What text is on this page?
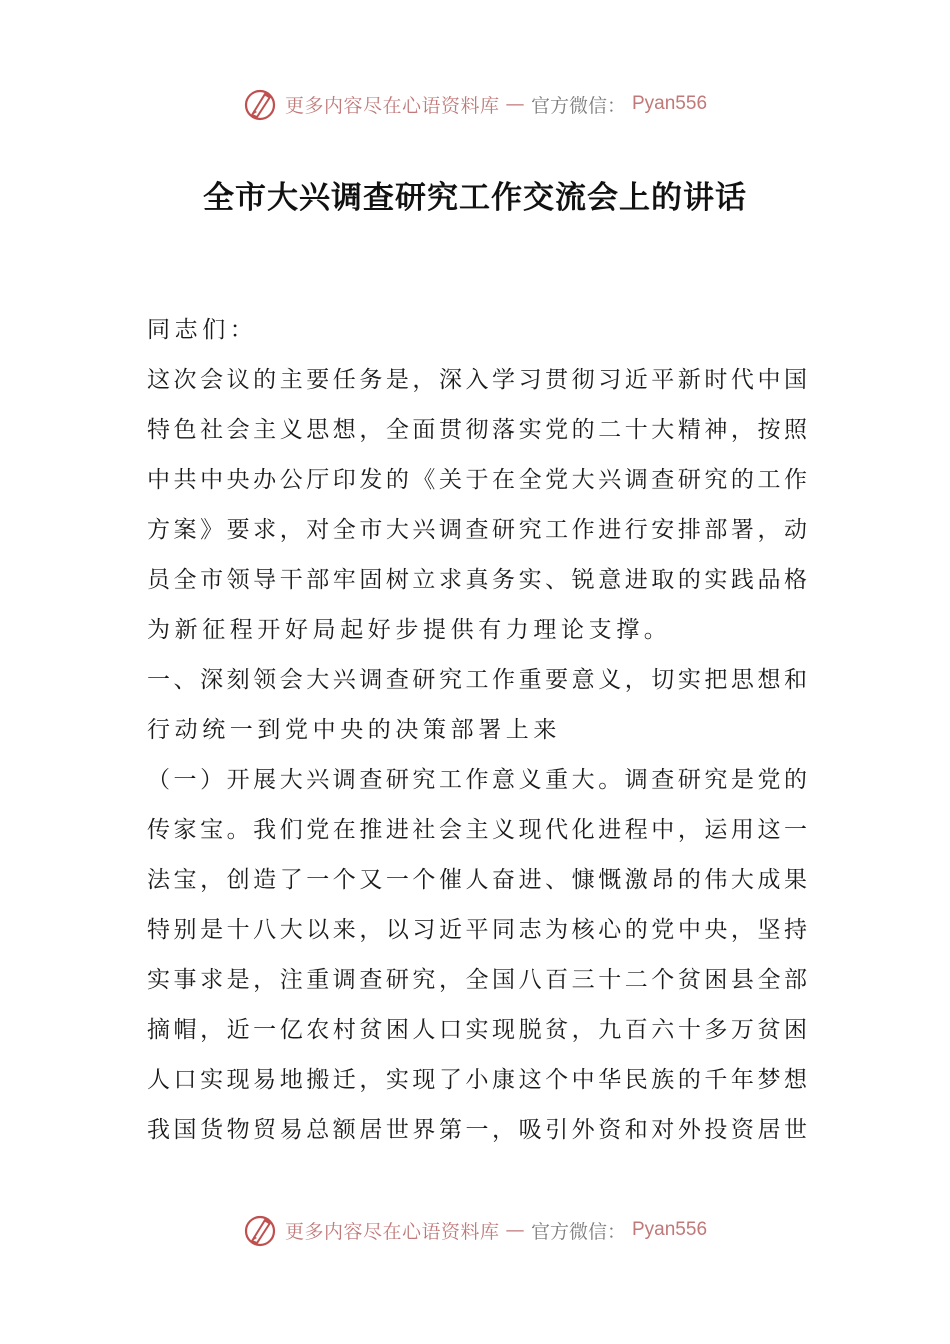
更多内容尽在心语资料库 — 官方微信： Pyan556
全市大兴调查研究工作交流会上的讲话
同志们：
这次会议的主要任务是，深入学习贯彻习近平新时代中国
特色社会主义思想，全面贯彻落实党的二十大精神，按照
中共中央办公厅印发的《关于在全党大兴调查研究的工作
方案》要求，对全市大兴调查研究工作进行安排部署，动
员全市领导干部牢固树立求真务实、锐意进取的实践品格
为新征程开好局起好步提供有力理论支撑。
一、深刻领会大兴调查研究工作重要意义，切实把思想和
行动统一到党中央的决策部署上来
（一）开展大兴调查研究工作意义重大。调查研究是党的
传家宝。我们党在推进社会主义现代化进程中，运用这一
法宝，创造了一个又一个催人奋进、慷慨激昂的伟大成果
特别是十八大以来，以习近平同志为核心的党中央，坚持
实事求是，注重调查研究，全国八百三十二个贫困县全部
摘帽，近一亿农村贫困人口实现脱贫，九百六十多万贫困
人口实现易地搬迁，实现了小康这个中华民族的千年梦想
我国货物贸易总额居世界第一，吸引外资和对外投资居世
更多内容尽在心语资料库 — 官方微信： Pyan556
